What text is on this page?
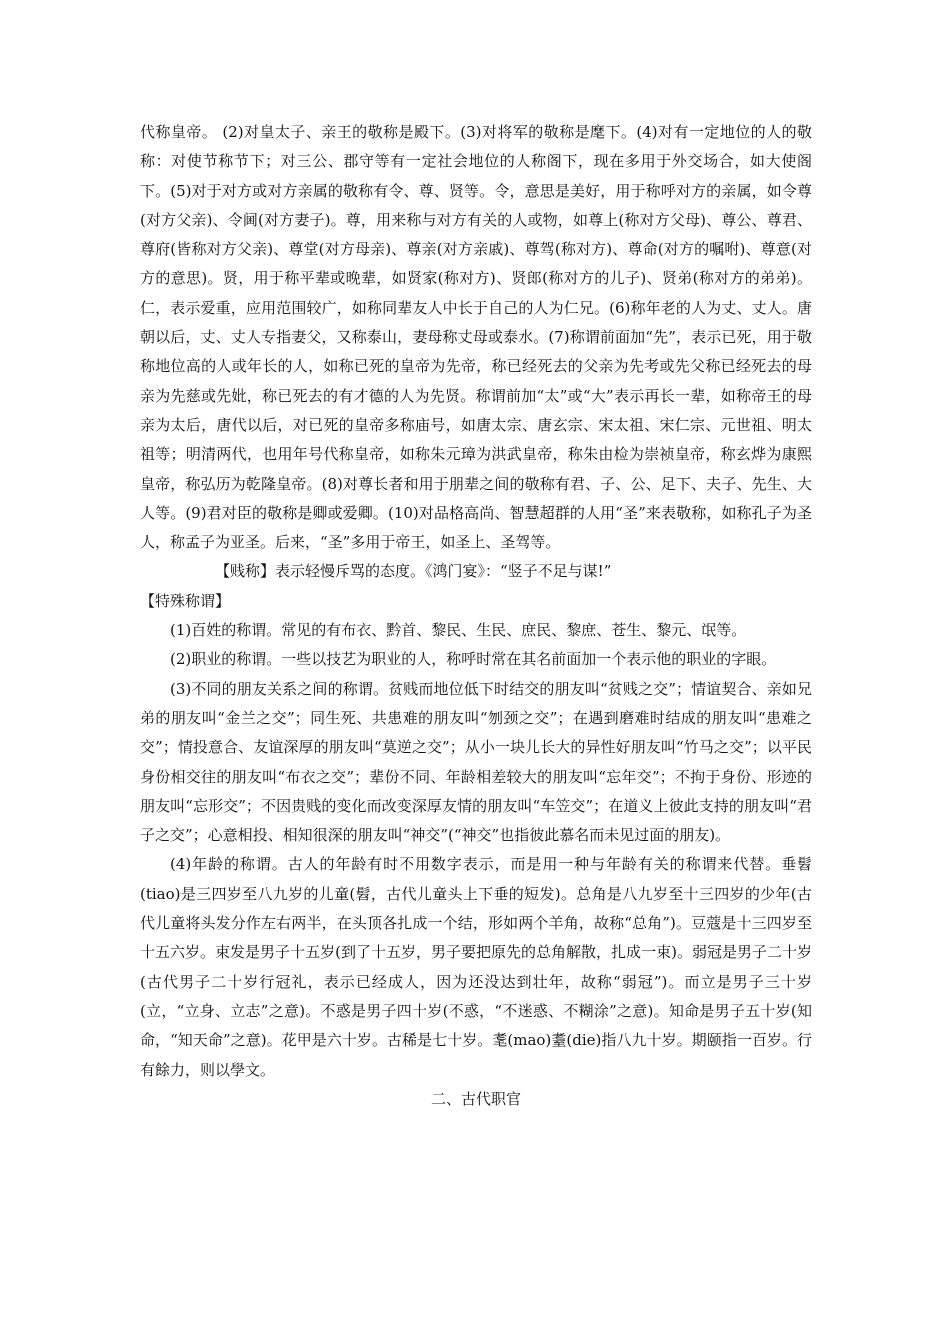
代称皇帝。 (2)对皇太子、亲王的敬称是殿下。(3)对将军的敬称是麾下。(4)对有一定地位的人的敬称：对使节称节下；对三公、郡守等有一定社会地位的人称阁下，现在多用于外交场合，如大使阁下。(5)对于对方或对方亲属的敬称有令、尊、贤等。令，意思是美好，用于称呼对方的亲属，如令尊(对方父亲)、令阃(对方妻子)。尊，用来称与对方有关的人或物，如尊上(称对方父母)、尊公、尊君、尊府(皆称对方父亲)、尊堂(对方母亲)、尊亲(对方亲戚)、尊驾(称对方)、尊命(对方的嘱咐)、尊意(对方的意思)。贤，用于称平辈或晚辈，如贤家(称对方)、贤郎(称对方的儿子)、贤弟(称对方的弟弟)。仁，表示爱重，应用范围较广，如称同辈友人中长于自己的人为仁兄。(6)称年老的人为丈、丈人。唐朝以后，丈、丈人专指妻父，又称泰山，妻母称丈母或泰水。(7)称谓前面加“先”，表示已死，用于敬称地位高的人或年长的人，如称已死的皇帝为先帝，称已经死去的父亲为先考或先父称已经死去的母亲为先慈或先妣，称已死去的有才德的人为先贤。称谓前加“太”或“大”表示再长一辈，如称帝王的母亲为太后，唐代以后，对已死的皇帝多称庙号，如唐太宗、唐玄宗、宋太祖、宋仁宗、元世祖、明太祖等；明清两代，也用年号代称皇帝，如称朱元璋为洪武皇帝，称朱由检为崇祯皇帝，称玄烨为康熙皇帝，称弘历为乾隆皇帝。(8)对尊长者和用于朋辈之间的敬称有君、子、公、足下、夫子、先生、大人等。(9)君对臣的敬称是卿或爱卿。(10)对品格高尚、智慧超群的人用“圣”来表敬称，如称孔子为圣人，称孟子为亚圣。后来，“圣”多用于帝王，如圣上、圣驾等。

【贱称】表示轻慢斥骂的态度。《鸿门宴》：“竖子不足与谋!”

【特殊称谓】

(1)百姓的称谓。常见的有布衣、黔首、黎民、生民、庶民、黎庶、苍生、黎元、氓等。

(2)职业的称谓。一些以技艺为职业的人，称呼时常在其名前面加一个表示他的职业的字眼。

(3)不同的朋友关系之间的称谓。贫贱而地位低下时结交的朋友叫“贫贱之交”；情谊契合、亲如兄弟的朋友叫“金兰之交”；同生死、共患难的朋友叫“刎颈之交”；在遇到磨难时结成的朋友叫“患难之交”；情投意合、友谊深厚的朋友叫“莫逆之交”；从小一块儿长大的异性好朋友叫“竹马之交”；以平民身份相交往的朋友叫“布衣之交”；辈份不同、年龄相差较大的朋友叫“忘年交”；不拘于身份、形迹的朋友叫“忘形交”；不因贵贱的变化而改变深厚友情的朋友叫“车笠交”；在道义上彼此支持的朋友叫“君子之交”；心意相投、相知很深的朋友叫“神交”(“神交”也指彼此慕名而未见过面的朋友)。

(4)年龄的称谓。古人的年龄有时不用数字表示，而是用一种与年龄有关的称谓来代替。垂髫(tiao)是三四岁至八九岁的儿童(髫，古代儿童头上下垂的短发)。总角是八九岁至十三四岁的少年(古代儿童将头发分作左右两半，在头顶各扎成一个结，形如两个羊角，故称“总角”)。豆蔻是十三四岁至十五六岁。束发是男子十五岁(到了十五岁，男子要把原先的总角解散，扎成一束)。弱冠是男子二十岁(古代男子二十岁行冠礼，表示已经成人，因为还没达到壮年，故称“弱冠”)。而立是男子三十岁(立，“立身、立志”之意)。不惑是男子四十岁(不惑，“不迷惑、不糊涂”之意)。知命是男子五十岁(知命，“知天命”之意)。花甲是六十岁。古稀是七十岁。耄(mao)耋(die)指八九十岁。期颐指一百岁。行有餘力，则以學文。

二、古代职官
